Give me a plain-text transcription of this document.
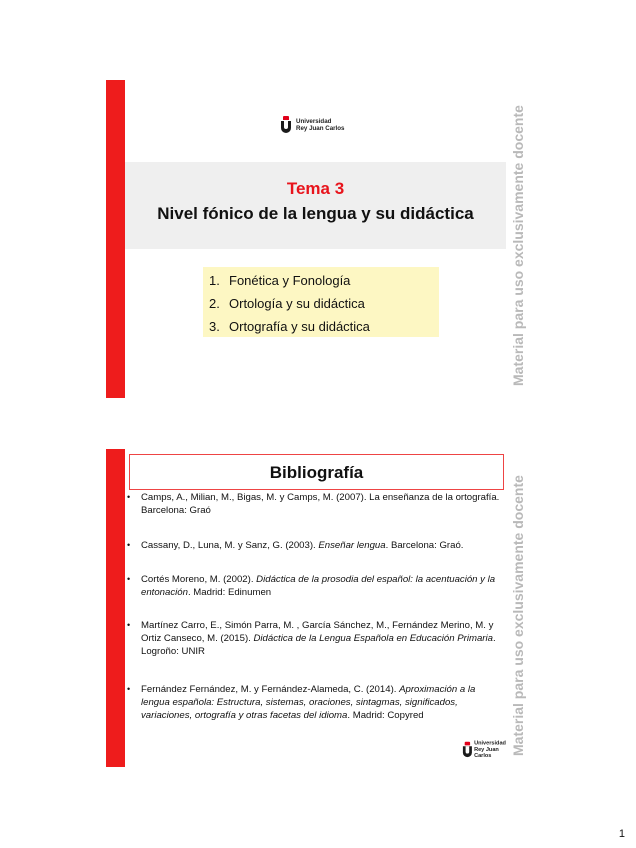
Universidad
Rey Juan Carlos
Tema 3
Nivel fónico de la lengua y su didáctica
1. Fonética y Fonología
2. Ortología y su didáctica
3. Ortografía y su didáctica	Material para uso exclusivamente docente
Bibliografía
• Camps, A., Milian, M., Bigas, M. y Camps, M. (2007). La enseñanza de la ortografía. Barcelona: Graó
• Cassany, D., Luna, M. y Sanz, G. (2003). Enseñar lengua. Barcelona: Graó.
• Cortés Moreno, M. (2002). Didáctica de la prosodia del español: la acentuación y la entonación. Madrid: Edinumen
• Martínez Carro, E., Simón Parra, M. , García Sánchez, M., Fernández Merino, M. y Ortiz Canseco, M. (2015). Didáctica de la Lengua Española en Educación Primaria. Logroño: UNIR
• Fernández Fernández, M. y Fernández-Alameda, C. (2014). Aproximación a la lengua española: Estructura, sistemas, oraciones, sintagmas, significados, variaciones, ortografía y otras facetas del idioma. Madrid: Copyred
Universidad
Rey Juan Carlos	Material para uso exclusivamente docente
1
